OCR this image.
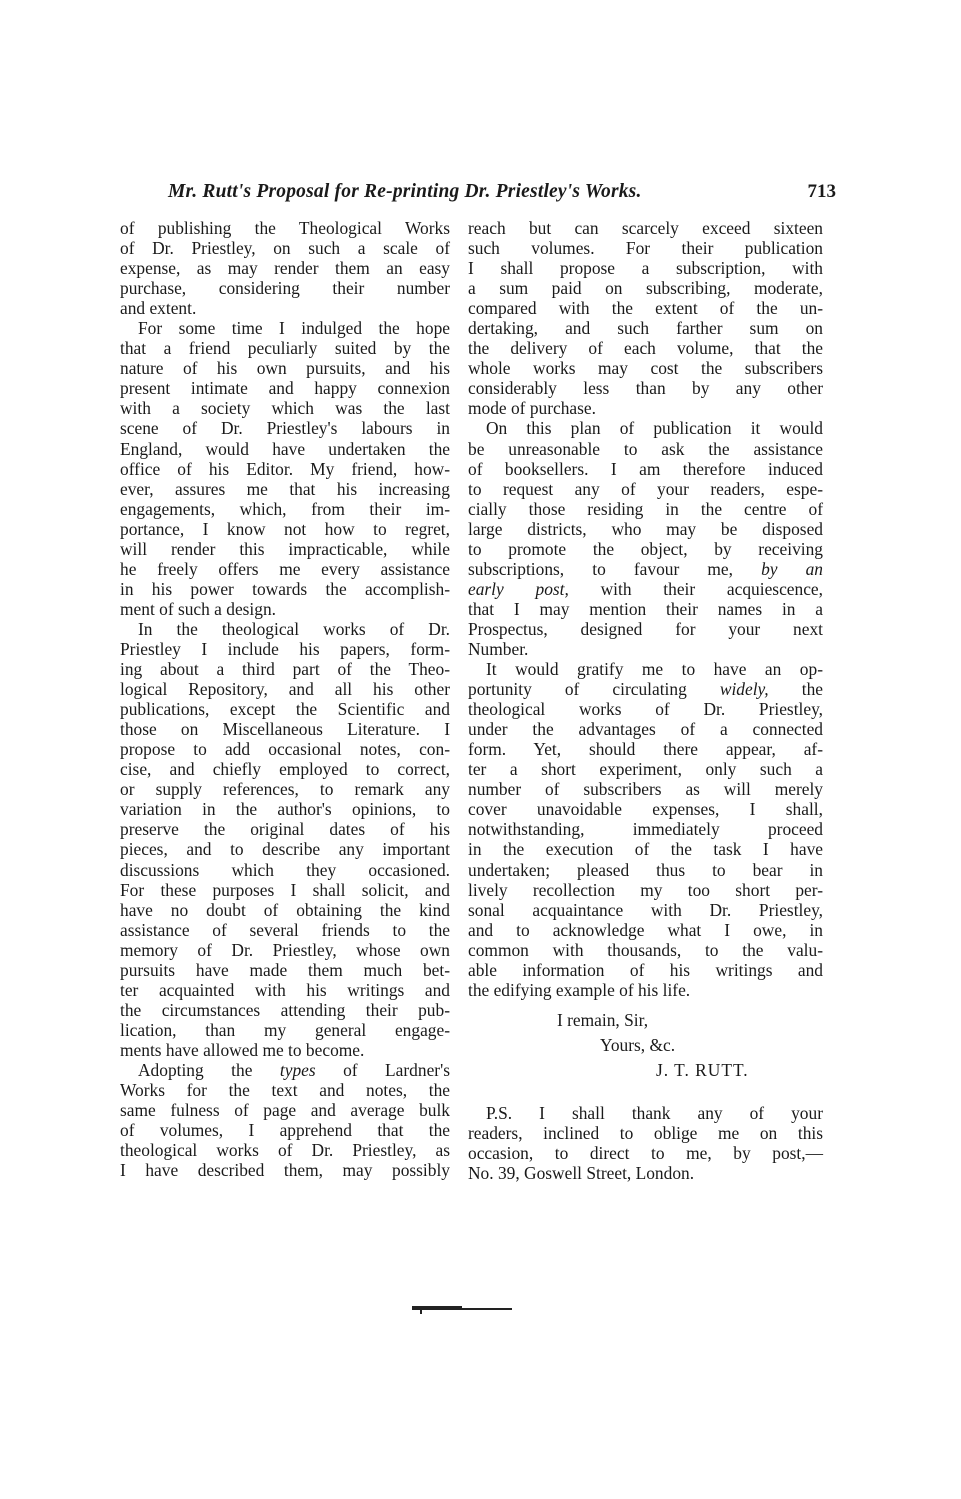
Mr. Rutt's Proposal for Re-printing Dr. Priestley's Works.	713
of publishing the Theological Works
of Dr. Priestley, on such a scale of
expense, as may render them an easy
purchase, considering their number
and extent.
For some time I indulged the hope
that a friend peculiarly suited by the
nature of his own pursuits, and his
present intimate and happy connexion
with a society which was the last
scene of Dr. Priestley's labours in
England, would have undertaken the
office of his Editor. My friend, how-
ever, assures me that his increasing
engagements, which, from their im-
portance, I know not how to regret,
will render this impracticable, while
he freely offers me every assistance
in his power towards the accomplish-
ment of such a design.
In the theological works of Dr.
Priestley I include his papers, form-
ing about a third part of the Theo-
logical Repository, and all his other
publications, except the Scientific and
those on Miscellaneous Literature. I
propose to add occasional notes, con-
cise, and chiefly employed to correct,
or supply references, to remark any
variation in the author's opinions, to
preserve the original dates of his
pieces, and to describe any important
discussions which they occasioned.
For these purposes I shall solicit, and
have no doubt of obtaining the kind
assistance of several friends to the
memory of Dr. Priestley, whose own
pursuits have made them much bet-
ter acquainted with his writings and
the circumstances attending their pub-
lication, than my general engage-
ments have allowed me to become.
Adopting the types of Lardner's
Works for the text and notes, the
same fulness of page and average bulk
of volumes, I apprehend that the
theological works of Dr. Priestley, as
I have described them, may possibly
reach but can scarcely exceed sixteen
such volumes. For their publication
I shall propose a subscription, with
a sum paid on subscribing, moderate,
compared with the extent of the un-
dertaking, and such farther sum on
the delivery of each volume, that the
whole works may cost the subscribers
considerably less than by any other
mode of purchase.
On this plan of publication it would
be unreasonable to ask the assistance
of booksellers. I am therefore induced
to request any of your readers, espe-
cially those residing in the centre of
large districts, who may be disposed
to promote the object, by receiving
subscriptions, to favour me, by an
early post, with their acquiescence,
that I may mention their names in a
Prospectus, designed for your next
Number.
It would gratify me to have an op-
portunity of circulating widely, the
theological works of Dr. Priestley,
under the advantages of a connected
form. Yet, should there appear, af-
ter a short experiment, only such a
number of subscribers as will merely
cover unavoidable expenses, I shall,
notwithstanding, immediately proceed
in the execution of the task I have
undertaken; pleased thus to bear in
lively recollection my too short per-
sonal acquaintance with Dr. Priestley,
and to acknowledge what I owe, in
common with thousands, to the valu-
able information of his writings and
the edifying example of his life.
I remain, Sir,
Yours, &c.
J. T. RUTT.
P.S. I shall thank any of your
readers, inclined to oblige me on this
occasion, to direct to me, by post,—
No. 39, Goswell Street, London.
